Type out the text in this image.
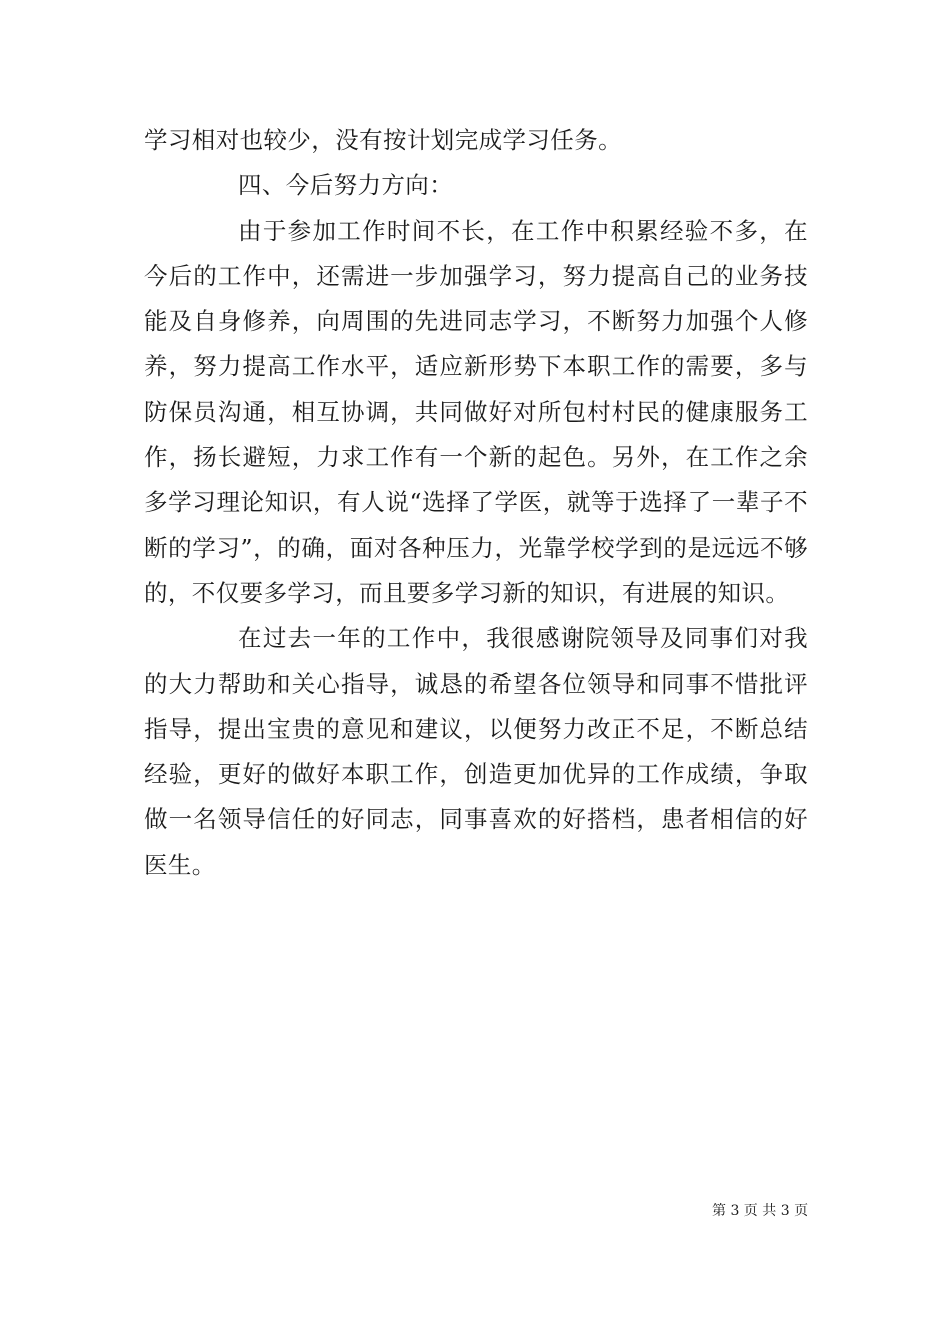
学习相对也较少，没有按计划完成学习任务。

四、今后努力方向：

由于参加工作时间不长，在工作中积累经验不多，在今后的工作中，还需进一步加强学习，努力提高自己的业务技能及自身修养，向周围的先进同志学习，不断努力加强个人修养，努力提高工作水平，适应新形势下本职工作的需要，多与防保员沟通，相互协调，共同做好对所包村村民的健康服务工作，扬长避短，力求工作有一个新的起色。另外，在工作之余多学习理论知识，有人说“选择了学医，就等于选择了一辈子不断的学习”，的确，面对各种压力，光靠学校学到的是远远不够的，不仅要多学习，而且要多学习新的知识，有进展的知识。

在过去一年的工作中，我很感谢院领导及同事们对我的大力帮助和关心指导，诚恳的希望各位领导和同事不惜批评指导，提出宝贵的意见和建议，以便努力改正不足，不断总结经验，更好的做好本职工作，创造更加优异的工作成绩，争取做一名领导信任的好同志，同事喜欢的好搭档，患者相信的好医生。

第 3 页 共 3 页
